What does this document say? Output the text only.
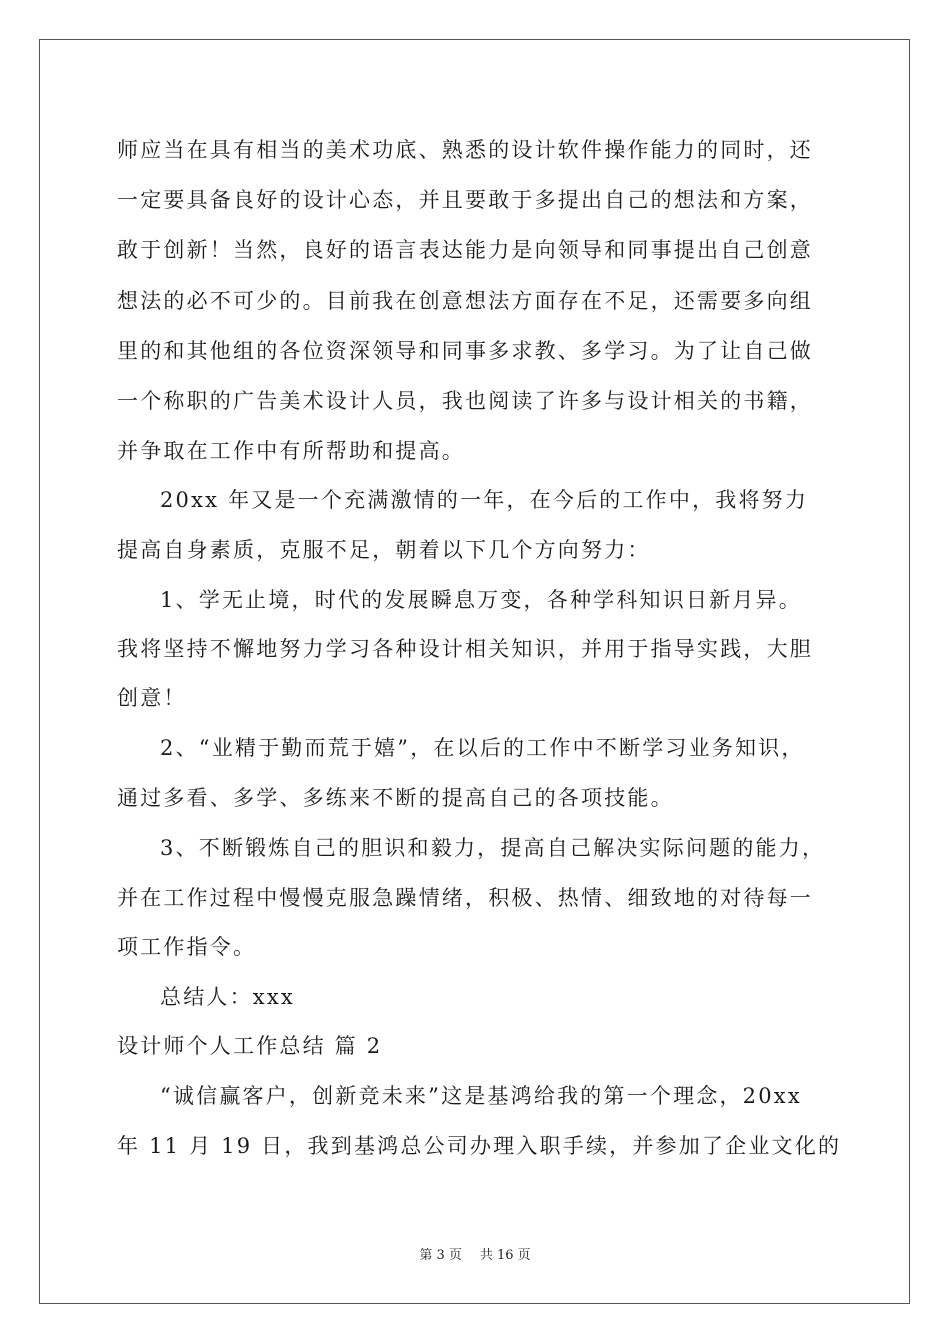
师应当在具有相当的美术功底、熟悉的设计软件操作能力的同时，还
一定要具备良好的设计心态，并且要敢于多提出自己的想法和方案，
敢于创新！当然，良好的语言表达能力是向领导和同事提出自己创意
想法的必不可少的。目前我在创意想法方面存在不足，还需要多向组
里的和其他组的各位资深领导和同事多求教、多学习。为了让自己做
一个称职的广告美术设计人员，我也阅读了许多与设计相关的书籍，
并争取在工作中有所帮助和提高。
20xx 年又是一个充满激情的一年，在今后的工作中，我将努力
提高自身素质，克服不足，朝着以下几个方向努力：
1、学无止境，时代的发展瞬息万变，各种学科知识日新月异。
我将坚持不懈地努力学习各种设计相关知识，并用于指导实践，大胆
创意！
2、“业精于勤而荒于嬉”，在以后的工作中不断学习业务知识，
通过多看、多学、多练来不断的提高自己的各项技能。
3、不断锻炼自己的胆识和毅力，提高自己解决实际问题的能力，
并在工作过程中慢慢克服急躁情绪，积极、热情、细致地的对待每一
项工作指令。
总结人：xxx
设计师个人工作总结 篇 2
“诚信赢客户，创新竞未来”这是基鸿给我的第一个理念，20xx
年 11 月 19 日，我到基鸿总公司办理入职手续，并参加了企业文化的
第 3 页 共 16 页
